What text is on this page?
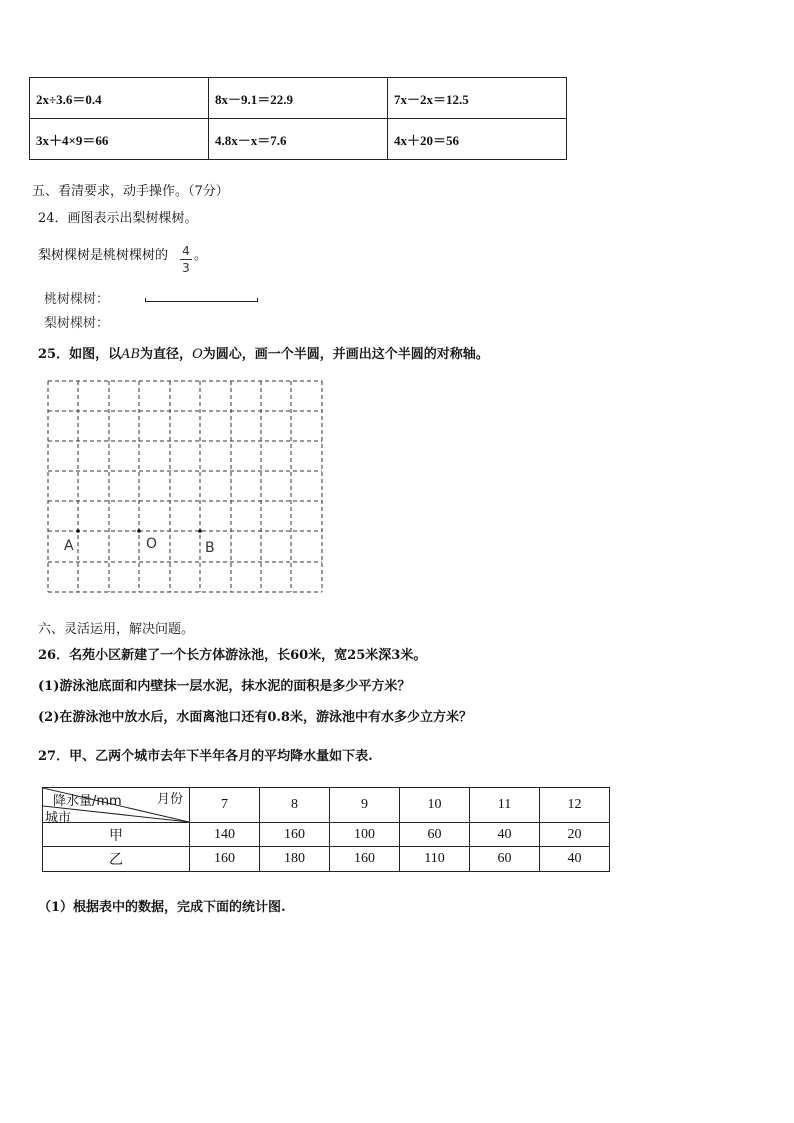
2x÷3.6＝0.4	8x－9.1＝22.9	7x－2x＝12.5
3x＋4×9＝66	4.8x－x＝7.6	4x＋20＝56
五、看清要求，动手操作。（7分）
24．画图表示出梨树棵树。
梨树棵树是桃树棵树的 4
3
。
桃树棵树：
梨树棵树：
25．如图，以AB为直径，O为圆心，画一个半圆，并画出这个半圆的对称轴。
A	O	B
六、灵活运用，解决问题。
26．名苑小区新建了一个长方体游泳池，长60米，宽25米深3米。
(1)游泳池底面和内壁抹一层水泥，抹水泥的面积是多少平方米？
(2)在游泳池中放水后，水面离池口还有0.8米，游泳池中有水多少立方米？
27．甲、乙两个城市去年下半年各月的平均降水量如下表.
降水量/mm 月份
城市	7	8	9	10	11	12
甲	140	160	100	60	40	20
乙	160	180	160	110	60	40
（1）根据表中的数据，完成下面的统计图.
